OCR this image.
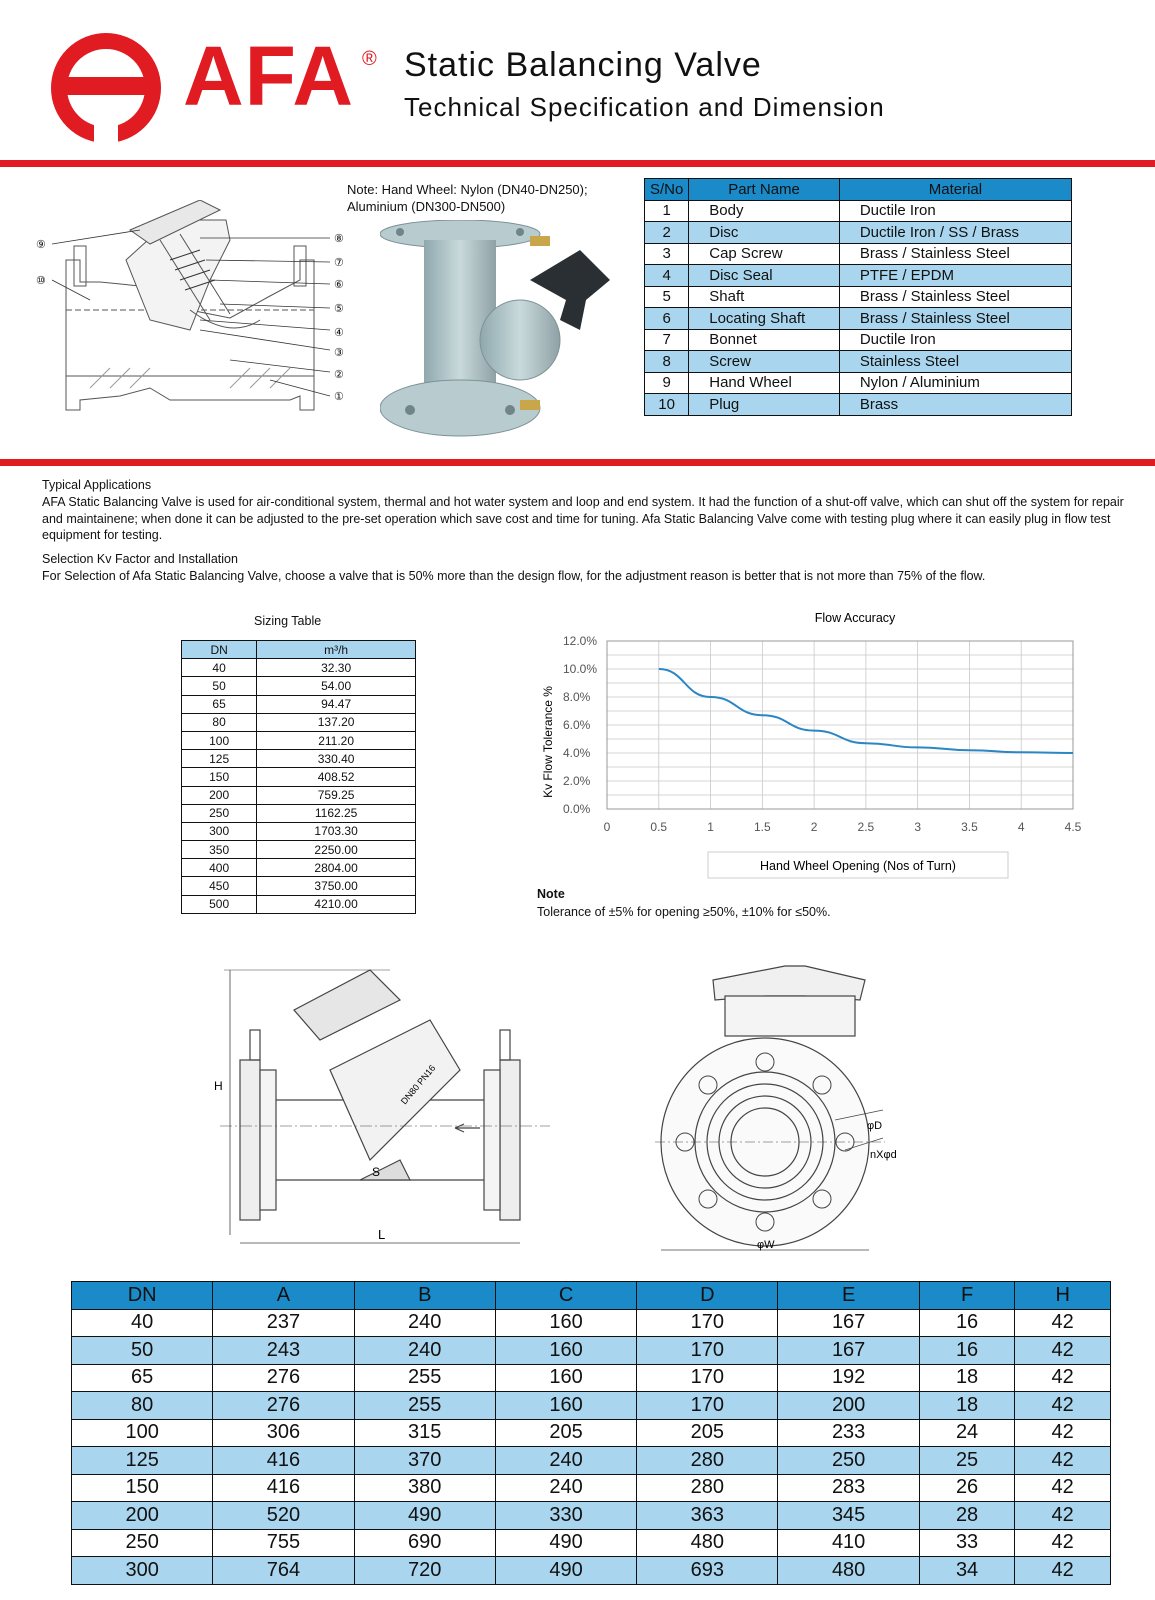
AFA ® Static Balancing Valve
Technical Specification and Dimension
⑨
⑩
⑧
⑦
⑥
⑤
④
③
②
①
Note: Hand Wheel: Nylon (DN40-DN250); Aluminium (DN300-DN500)
S/No	Part Name	Material
1	Body	Ductile Iron
2	Disc	Ductile Iron / SS / Brass
3	Cap Screw	Brass / Stainless Steel
4	Disc Seal	PTFE / EPDM
5	Shaft	Brass / Stainless Steel
6	Locating Shaft	Brass / Stainless Steel
7	Bonnet	Ductile Iron
8	Screw	Stainless Steel
9	Hand Wheel	Nylon / Aluminium
10	Plug	Brass
Typical Applications
AFA Static Balancing Valve is used for air-conditional system, thermal and hot water system and loop and end system. It had the function of a shut-off valve, which can shut off the system for repair and maintainene; when done it can be adjusted to the pre-set operation which save cost and time for tuning. Afa Static Balancing Valve come with testing plug where it can easily plug in flow test equipment for testing.
Selection Kv Factor and Installation
For Selection of Afa Static Balancing Valve, choose a valve that is 50% more than the design flow, for the adjustment reason is better that is not more than 75% of the flow.
Sizing Table
DN	m³/h
40	32.30
50	54.00
65	94.47
80	137.20
100	211.20
125	330.40
150	408.52
200	759.25
250	1162.25
300	1703.30
350	2250.00
400	2804.00
450	3750.00
500	4210.00
Flow Accuracy
0.0%
2.0%
4.0%
6.0%
8.0%
10.0%
12.0%
0	0.5	1	1.5	2	2.5	3	3.5	4	4.5
Kv Flow Tolerance %
Hand Wheel Opening (Nos of Turn)
Note
Tolerance of ±5% for opening ≥50%, ±10% for ≤50%.
H
L
S
DN80 PN16
φD
nXφd
φW
DN	A	B	C	D	E	F	H
40	237	240	160	170	167	16	42
50	243	240	160	170	167	16	42
65	276	255	160	170	192	18	42
80	276	255	160	170	200	18	42
100	306	315	205	205	233	24	42
125	416	370	240	280	250	25	42
150	416	380	240	280	283	26	42
200	520	490	330	363	345	28	42
250	755	690	490	480	410	33	42
300	764	720	490	693	480	34	42
